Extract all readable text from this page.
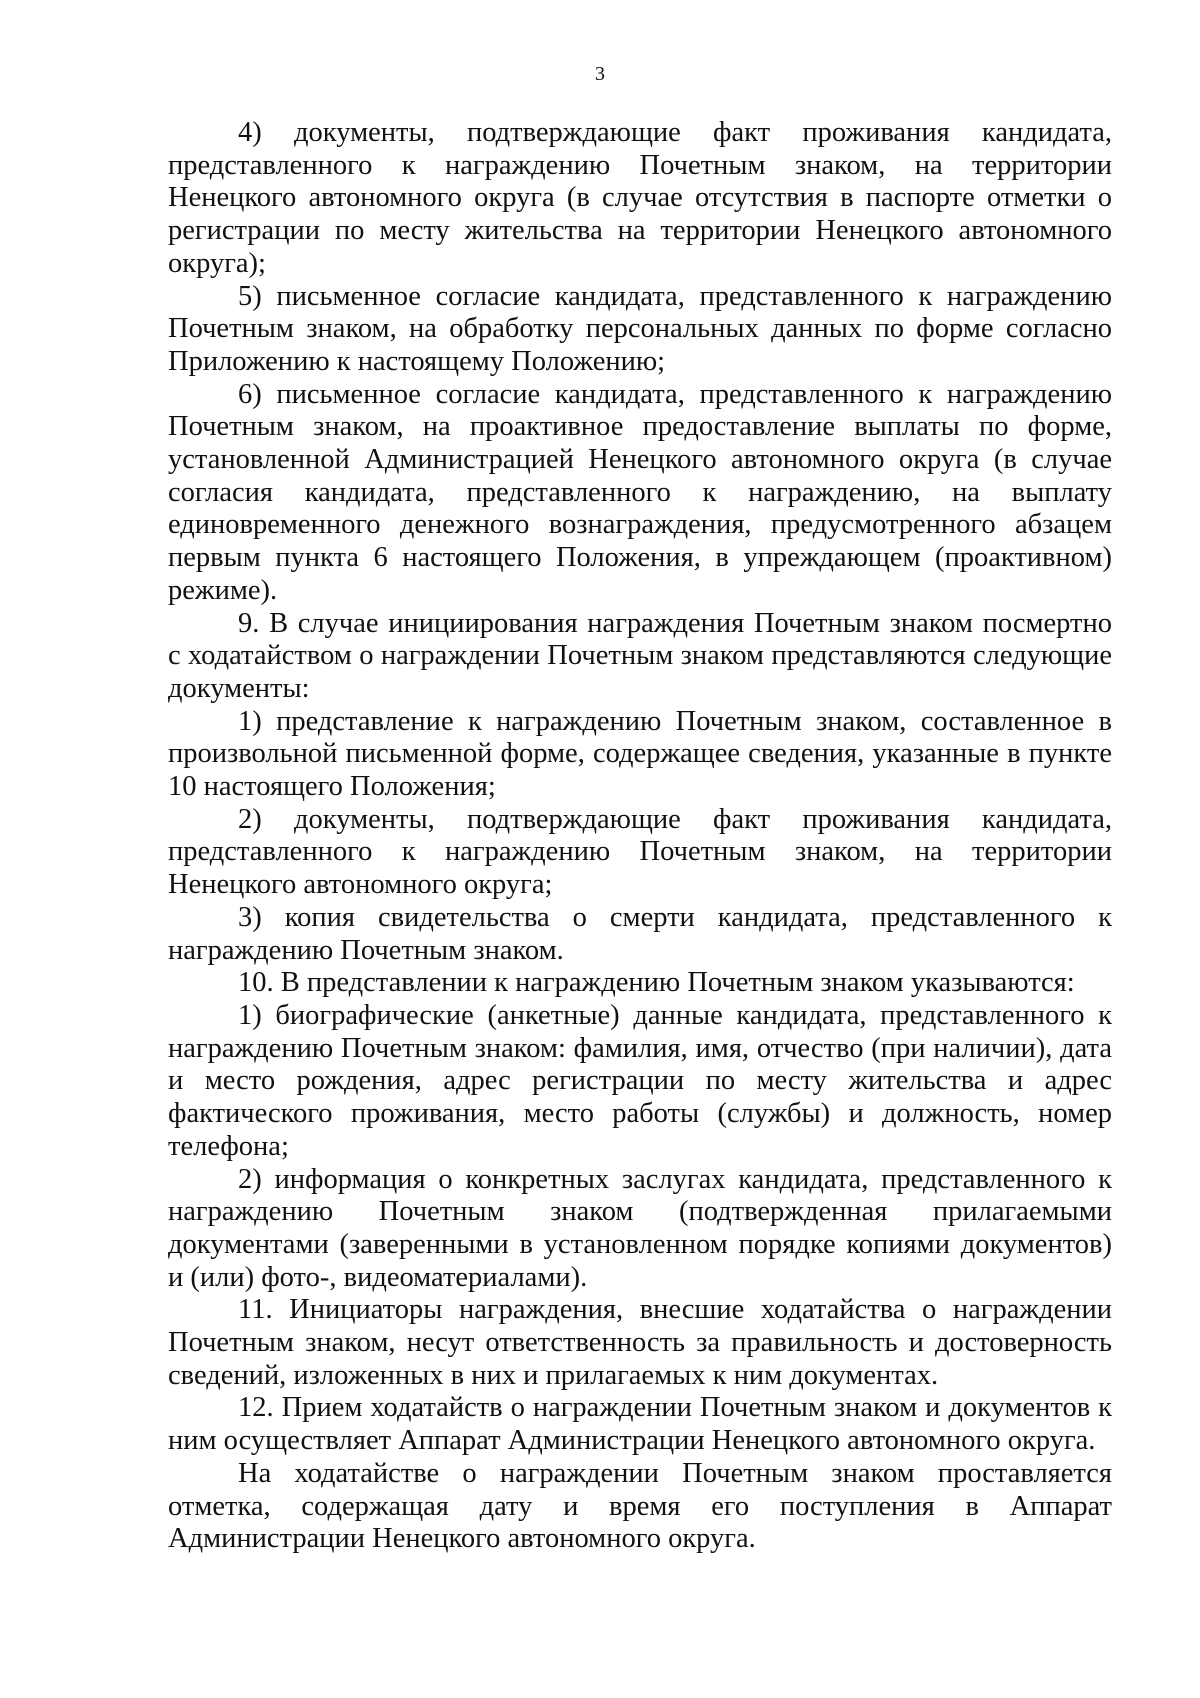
3

4) документы, подтверждающие факт проживания кандидата, представленного к награждению Почетным знаком, на территории Ненецкого автономного округа (в случае отсутствия в паспорте отметки о регистрации по месту жительства на территории Ненецкого автономного округа);

5) письменное согласие кандидата, представленного к награждению Почетным знаком, на обработку персональных данных по форме согласно Приложению к настоящему Положению;

6) письменное согласие кандидата, представленного к награждению Почетным знаком, на проактивное предоставление выплаты по форме, установленной Администрацией Ненецкого автономного округа (в случае согласия кандидата, представленного к награждению, на выплату единовременного денежного вознаграждения, предусмотренного абзацем первым пункта 6 настоящего Положения, в упреждающем (проактивном) режиме).

9. В случае инициирования награждения Почетным знаком посмертно с ходатайством о награждении Почетным знаком представляются следующие документы:

1) представление к награждению Почетным знаком, составленное в произвольной письменной форме, содержащее сведения, указанные в пункте 10 настоящего Положения;

2) документы, подтверждающие факт проживания кандидата, представленного к награждению Почетным знаком, на территории Ненецкого автономного округа;

3) копия свидетельства о смерти кандидата, представленного к награждению Почетным знаком.

10. В представлении к награждению Почетным знаком указываются:

1) биографические (анкетные) данные кандидата, представленного к награждению Почетным знаком: фамилия, имя, отчество (при наличии), дата и место рождения, адрес регистрации по месту жительства и адрес фактического проживания, место работы (службы) и должность, номер телефона;

2) информация о конкретных заслугах кандидата, представленного к награждению Почетным знаком (подтвержденная прилагаемыми документами (заверенными в установленном порядке копиями документов) и (или) фото-, видеоматериалами).

11. Инициаторы награждения, внесшие ходатайства о награждении Почетным знаком, несут ответственность за правильность и достоверность сведений, изложенных в них и прилагаемых к ним документах.

12. Прием ходатайств о награждении Почетным знаком и документов к ним осуществляет Аппарат Администрации Ненецкого автономного округа.

На ходатайстве о награждении Почетным знаком проставляется отметка, содержащая дату и время его поступления в Аппарат Администрации Ненецкого автономного округа.
